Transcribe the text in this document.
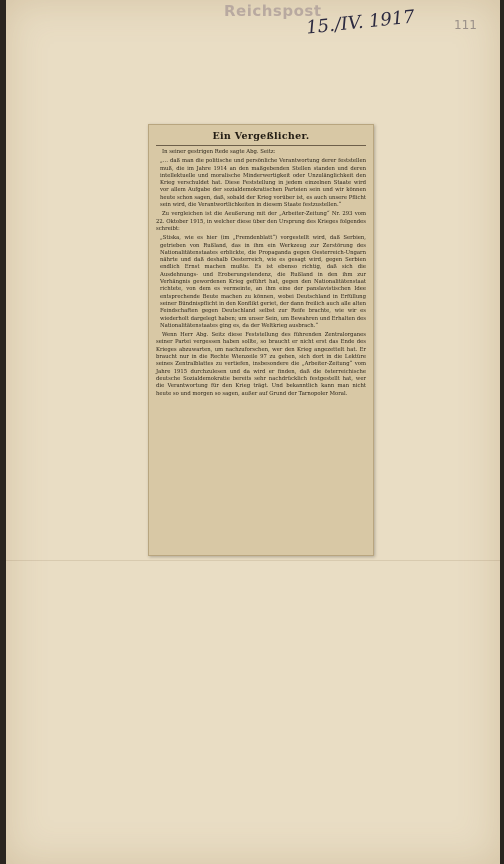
Reichspost
15./IV. 1917	111
Ein Vergeßlicher.

In seiner gestrigen Rede sagte Abg. Seitz:

„… daß man die politische und persönliche Verantwortung derer feststellen muß, die im Jahre 1914 an den maßgebenden Stellen standen und deren intellektuelle und moralische Minderwertigkeit oder Unzulänglichkeit den Krieg verschuldet hat. Diese Feststellung in jedem einzelnen Staate wird vor allem Aufgabe der sozialdemokratischen Parteien sein und wir können heute schon sagen, daß, sobald der Krieg vorüber ist, es auch unsere Pflicht sein wird, die Verantwortlichkeiten in diesem Staate festzustellen.“

Zu vergleichen ist die Aeußerung mit der „Arbeiter-Zeitung“ Nr. 293 vom 22. Oktober 1915, in welcher diese über den Ursprung des Krieges folgendes schreibt:

„Stiska, wie es hier (im „Fremdenblatt“) vorgestellt wird, daß Serbien, getrieben von Rußland, das in ihm ein Werkzeug zur Zerstörung des Nationalitätenstaates erblickte, die Propaganda gegen Oesterreich-Ungarn nährte und daß deshalb Oesterreich, wie es gesagt wird, gegen Serbien endlich Ernst machen mußte. Es ist ebenso richtig, daß sich die Ausdehnungs- und Eroberungstendenz, die Rußland in den ihm zur Verhängnis gewordenen Krieg geführt hat, gegen den Nationalitätenstaat richtete, von dem es vermeinte, an ihm eine der panslavistischen Idee entsprechende Beute machen zu können, wobei Deutschland in Erfüllung seiner Bündnispflicht in den Konflikt geriet, der dann freilich auch alle alten Feindschaften gegen Deutschland selbst zur Reife brachte, wie wir es wiederholt dargelegt haben; um unser Sein, um Bewahren und Erhalten des Nationalitätenstaates ging es, da der Weltkrieg ausbrach.“

Wenn Herr Abg. Seitz diese Feststellung des führenden Zentralorganes seiner Partei vergessen haben sollte, so braucht er nicht erst das Ende des Krieges abzuwarten, um nachzuforschen, wer den Krieg angezettelt hat. Er braucht nur in die Rechte Wienzeile 97 zu gehen, sich dort in die Lektüre seines Zentralblattes zu vertiefen, insbesondere die „Arbeiter-Zeitung“ vom Jahre 1915 durchzulesen und da wird er finden, daß die österreichische deutsche Sozialdemokratie bereits sehr nachdrücklich festgestellt hat, wer die Verantwortung für den Krieg trägt. Und bekanntlich kann man nicht heute so und morgen so sagen, außer auf Grund der Tarnopoler Moral.
